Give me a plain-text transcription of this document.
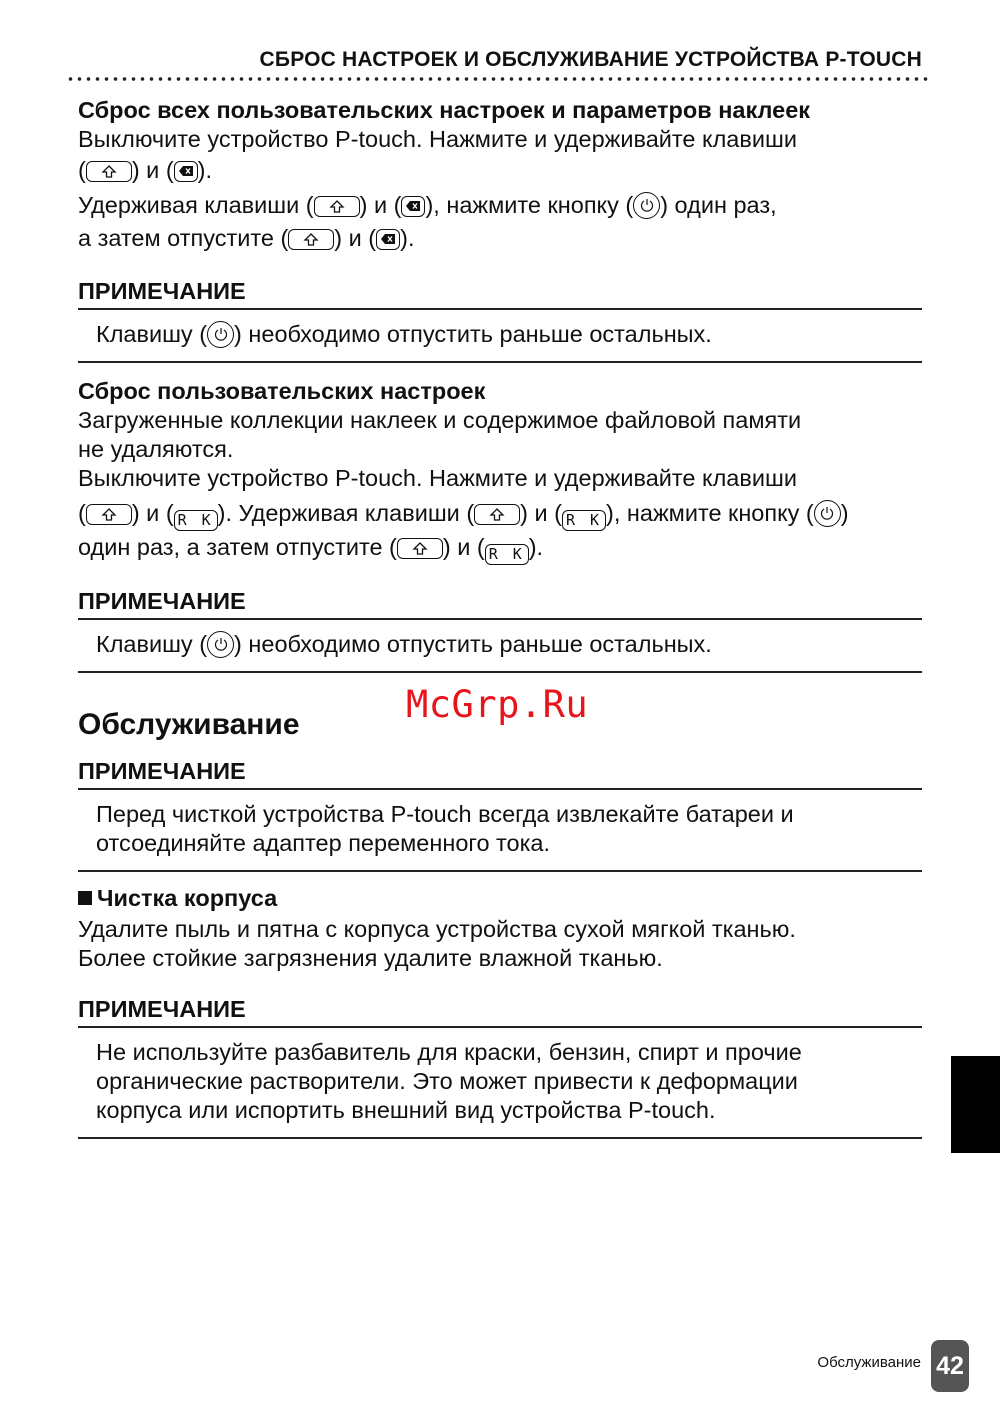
СБРОС НАСТРОЕК И ОБСЛУЖИВАНИЕ УСТРОЙСТВА P-TOUCH
Сброс всех пользовательских настроек и параметров наклеек
Выключите устройство P-touch. Нажмите и удерживайте клавиши
( ) и ( ).
Удерживая клавиши ( ) и ( ), нажмите кнопку ( ) один раз,
а затем отпустите ( ) и ( ).
ПРИМЕЧАНИЕ
Клавишу ( ) необходимо отпустить раньше остальных.
Сброс пользовательских настроек
Загруженные коллекции наклеек и содержимое файловой памяти
не удаляются.
Выключите устройство P-touch. Нажмите и удерживайте клавиши
( ) и ( R K ). Удерживая клавиши ( ) и ( R K ), нажмите кнопку ( )
один раз, а затем отпустите ( ) и ( R K ).
ПРИМЕЧАНИЕ
Клавишу ( ) необходимо отпустить раньше остальных.
Обслуживание
ПРИМЕЧАНИЕ
Перед чисткой устройства P-touch всегда извлекайте батареи и
отсоединяйте адаптер переменного тока.
Чистка корпуса
Удалите пыль и пятна с корпуса устройства сухой мягкой тканью.
Более стойкие загрязнения удалите влажной тканью.
ПРИМЕЧАНИЕ
Не используйте разбавитель для краски, бензин, спирт и прочие
органические растворители. Это может привести к деформации
корпуса или испортить внешний вид устройства P-touch.
McGrp.Ru
Обслуживание 42
